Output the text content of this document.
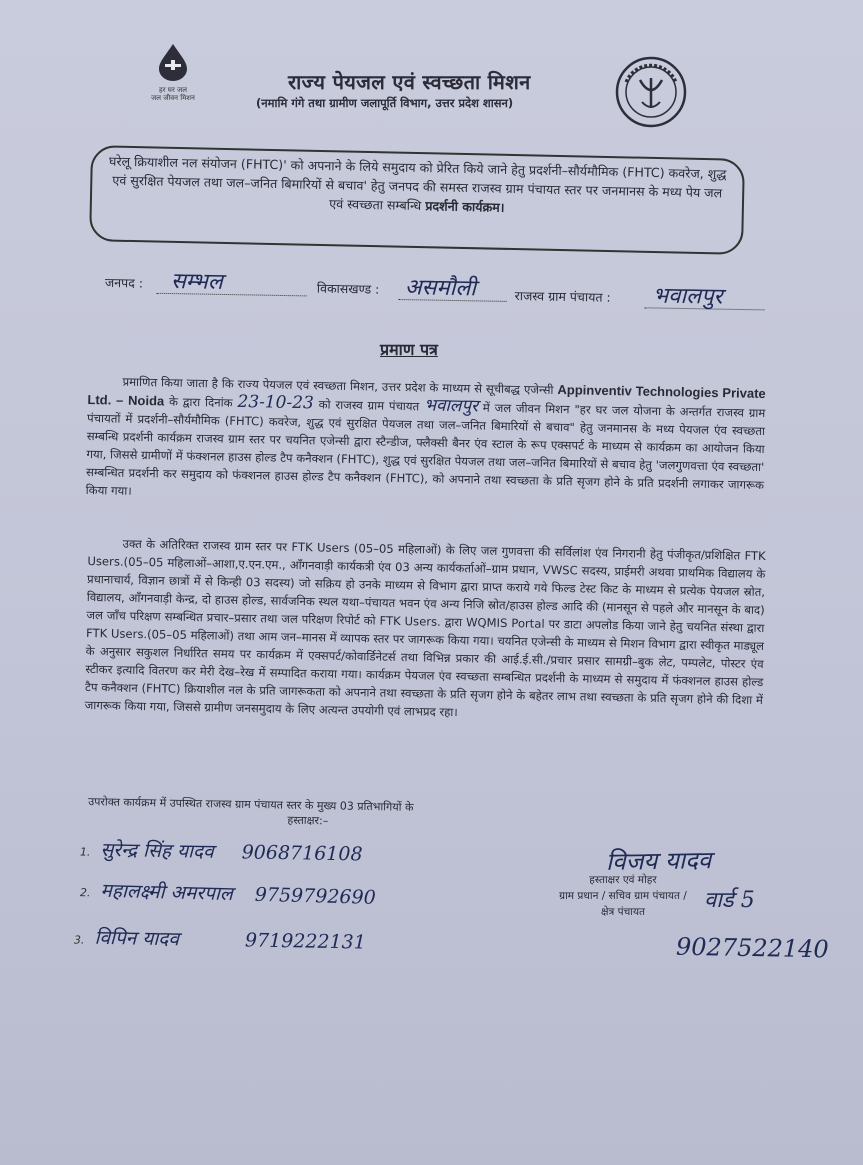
हर घर जल
जल जीवन मिशन
राज्य पेयजल एवं स्वच्छता मिशन
(नमामि गंगे तथा ग्रामीण जलापूर्ति विभाग, उत्तर प्रदेश शासन)
घरेलू क्रियाशील नल संयोजन (FHTC)' को अपनाने के लिये समुदाय को प्रेरित किये जाने हेतु प्रदर्शनी–सौर्यमौमिक (FHTC) कवरेज, शुद्ध एवं सुरक्षित पेयजल तथा जल–जनित बिमारियों से बचाव' हेतु जनपद की समस्त राजस्व ग्राम पंचायत स्तर पर जनमानस के मध्य पेय जल एवं स्वच्छता सम्बन्धि प्रदर्शनी कार्यक्रम।
जनपद : सम्भल	विकासखण्ड : असमौली	राजस्व ग्राम पंचायत : भवालपुर
प्रमाण पत्र
   प्रमाणित किया जाता है कि राज्य पेयजल एवं स्वच्छता मिशन, उत्तर प्रदेश के माध्यम से सूचीबद्ध एजेन्सी Appinventiv Technologies Private Ltd. – Noida के द्वारा दिनांक 23-10-23 को राजस्व ग्राम पंचायत भवालपुर में जल जीवन मिशन "हर घर जल योजना के अन्तर्गत राजस्व ग्राम पंचायतों में प्रदर्शनी–सौर्यमौमिक (FHTC) कवरेज, शुद्ध एवं सुरक्षित पेयजल तथा जल–जनित बिमारियों से बचाव" हेतु जनमानस के मध्य पेयजल एंव स्वच्छता सम्बन्धि प्रदर्शनी कार्यक्रम राजस्व ग्राम स्तर पर चयनित एजेन्सी द्वारा स्टैन्डीज, फ्लैक्सी बैनर एंव स्टाल के रूप एक्सपर्ट के माध्यम से कार्यक्रम का आयोजन किया गया, जिससे ग्रामीणों में फंक्शनल हाउस होल्ड टैप कनैक्शन (FHTC), शुद्ध एवं सुरक्षित पेयजल तथा जल–जनित बिमारियों से बचाव हेतु 'जलगुणवत्ता एंव स्वच्छता' सम्बन्धित प्रदर्शनी कर समुदाय को फंक्शनल हाउस होल्ड टैप कनैक्शन (FHTC), को अपनाने तथा स्वच्छता के प्रति सृजग होने के प्रति प्रदर्शनी लगाकर जागरूक किया गया।
   उक्त के अतिरिक्त राजस्व ग्राम स्तर पर FTK Users (05–05 महिलाओं) के लिए जल गुणवत्ता की सर्विलांश एंव निगरानी हेतु पंजीकृत/प्रशिक्षित FTK Users.(05–05 महिलाओं–आशा,ए.एन.एम., आँगनवाड़ी कार्यकत्री एंव 03 अन्य कार्यकर्ताओं–ग्राम प्रधान, VWSC सदस्य, प्राईमरी अथवा प्राथमिक विद्यालय के प्रधानाचार्य, विज्ञान छात्रों में से किन्ही 03 सदस्य) जो सक्रिय हो उनके माध्यम से विभाग द्वारा प्राप्त कराये गये फिल्ड टेस्ट किट के माध्यम से प्रत्येक पेयजल स्रोत, विद्यालय, आँगनवाड़ी केन्द्र, दो हाउस होल्ड, सार्वजनिक स्थल यथा–पंचायत भवन एंव अन्य निजि स्रोत/हाउस होल्ड आदि की (मानसून से पहले और मानसून के बाद) जल जाँच परिक्षण सम्बन्धित प्रचार–प्रसार तथा जल परिक्षण रिपोर्ट को FTK Users. द्वारा WQMIS Portal पर डाटा अपलोड किया जाने हेतु चयनित संस्था द्वारा FTK Users.(05–05 महिलाओं) तथा आम जन–मानस में व्यापक स्तर पर जागरूक किया गया। चयनित एजेन्सी के माध्यम से मिशन विभाग द्वारा स्वीकृत माड्यूल के अनुसार सकुशल निर्धारित समय पर कार्यक्रम में एक्सपर्ट/कोवार्डिनेटर्स तथा विभिन्न प्रकार की आई.ई.सी./प्रचार प्रसार सामग्री–बुक लेट, पम्पलेट, पोस्टर एंव स्टीकर इत्यादि वितरण कर मेरी देख–रेख में सम्पादित कराया गया। कार्यक्रम पेयजल एंव स्वच्छता सम्बन्धित प्रदर्शनी के माध्यम से समुदाय में फंक्शनल हाउस होल्ड टैप कनैक्शन (FHTC) क्रियाशील नल के प्रति जागरूकता को अपनाने तथा स्वच्छता के प्रति सृजग होने के बहेतर लाभ तथा स्वच्छता के प्रति सृजग होने की दिशा में जागरूक किया गया, जिससे ग्रामीण जनसमुदाय के लिए अत्यन्त उपयोगी एवं लाभप्रद रहा।
उपरोक्त कार्यक्रम में उपस्थित राजस्व ग्राम पंचायत स्तर के मुख्य 03 प्रतिभागियों के
हस्ताक्षर:–
1. सुरेन्द्र सिंह यादव 9068716108
2. महालक्ष्मी अमरपाल 9759792690
3. विपिन यादव	9719222131
विजय यादव
हस्ताक्षर एवं मोहर
ग्राम प्रधान / सचिव ग्राम पंचायत /
क्षेत्र पंचायत	वार्ड 5
9027522140
